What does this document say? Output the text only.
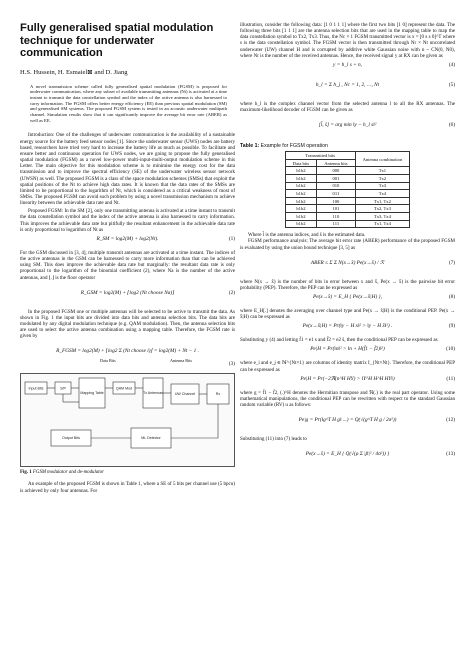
Fully generalised spatial modulation technique for underwater communication
H.S. Hussein, H. Esmaiel⊠ and D. Jiang

A novel transmission scheme called fully generalised spatial modulation (FGSM) is proposed for underwater communication, where any subset of available transmitting antennas (Nt) is activated at a time instant to transmit the data constellation symbol and the index of the active antenna is also harnessed to carry information. The FGSM offers better energy efficiency (EE) than previous spatial modulation (SM) and generalised SM systems. The proposed FGSM system is tested in an acoustic underwater multipath channel. Simulation results show that it can significantly improve the average bit error rate (ABER) as well as EE.

Introduction: One of the challenges of underwater communication is the availability of a sustainable energy source for the battery feed sensor nodes [1]. Since the underwater sensor (UWS) nodes are battery based, researchers have tried very hard to increase the battery life as much as possible. To facilitate and ensure better and continuous operation for UWS nodes, we are going to propose the fully generalised spatial modulation (FGSM) as a novel low-power multi-input-multi-output modulation scheme in this Letter. The main objective for this modulation scheme is to minimise the energy cost for the data transmission and to improve the spectral efficiency (SE) of the underwater wireless sensor network (UWSN) as well. The proposed FGSM is a class of the space modulation schemes (SMSs) that exploit the spatial positions of the Nt to achieve high data rates. It is known that the data rates of the SMSs are limited to be proportional to the logarithm of Nt, which is considered as a critical weakness of most of SMSs. The proposed FGSM can avoid such problem by using a novel transmission mechanism to achieve linearity between the achievable data rate and Nt.

Proposed FGSM: In the SM [2], only one transmitting antenna is activated at a time instant to transmit the data constellation symbol and the index of the active antenna is also harnessed to carry information. This improves the achievable data rate but pitifully the resultant enhancement in the achievable data rate is only proportional to logarithm of Nt as

R_SM = log2(M) + log2(Nt).	(1)

For the GSM discussed in [3, 4], multiple transmit antennas are activated at a time instant. The indices of the active antennas in the GSM can be harnessed to carry more information than that can be achieved using SM. This does improve the achievable data rate but marginally: the resultant data rate is only proportional to the logarithm of the binomial coefficient (2), where Na is the number of the active antennas, and ⌊.⌋ is the floor operator

R_GSM = log2(M) + ⌊log2 (Nt choose Na)⌋	(2)

In the proposed FGSM one or multiple antennas will be selected to be active to transmit the data. As shown in Fig. 1 the input bits are divided into data bits and antenna selection bits. The data bits are modulated by any digital modulation technique (e.g. QAM modulation). Then, the antenna selection bits are used to select the active antenna combination using a mapping table. Therefore, the FGSM rate is given by

R_FGSM = log2(M) + ⌊log2 Σ (Nt choose i)⌋ = log2(M) + Nt − 1 .
(3)
Data Bits	Antenna Bits
Input Bits	S/P
Mapping Table
QAM Mod
Tx Antennas	UW Channel	Rx
ML Detector
Output Bits
Fig. 1 FGSM modulator and de-modulator

An example of the proposed FGSM is shown in Table 1, where a SE of 5 bits per channel use (5 bpcu) is achieved by only four antennas. For

illustration, consider the following data: [1 0 1 1 1] where the first two bits [1 0] represent the data. The following three bits [1 1 1] are the antenna selection bits that are used in the mapping table to map the data constellation symbol to Tx2, Tx3. Thus, the Nc × 1 FGSM transmitted vector is x = [0 s s 0]^T where s is the data constellation symbol. The FGSM vector is then transmitted through Nr × Nt uncorrelated underwater (UW) channel H and is corrupted by additive white Gaussian noise with n ~ CN(0, N0), where Nr is the number of the received antennas. Hence, the received signal y at RX can be given as

y = h_l s + n,	(4)
h_l = Σ h_j , Nc = 1, 2, …, Nt	(5)

where h_l is the complex channel vector from the selected antenna l to all the RX antennas. The maximum-likelihood decoder of FGSM can be given as

[l̂, ŝ] = arg min ‖y − h_l s‖²	(6)
Table 1: Example for FGSM operation
Transmitted bits		Antenna combination
Data bits	Antenna bits	
b1b2	000	Tx1
b1b2	001	Tx2
b1b2	010	Tx3
b1b2	011	Tx4
b1b2	100	Tx1, Tx2
b1b2	101	Tx2, Tx3
b1b2	110	Tx3, Tx4
b1b2	111	Tx1, Tx4

Where l̂ is the antenna indices, and ŝ is the estimated data.

FGSM performance analysis: The average bit error rate (ABER) performance of the proposed FGSM is evaluated by using the union bound technique [3, 5] as

ABER ≤ Σ Σ N(x→x̂) Pe(x→x̂) / ℛ	(7)

where N(x → x̂) is the number of bits in error between x and x̂, Pe(x → x̂) is the pairwise bit error probability (PEP). Therefore, the PEP can be expressed as

Pe(x→x̂) = E_H { Pe(x→x̂|H) },	(8)

where E_H[.] denotes the averaging over channel type and Pe(x → x̂|H) is the conditional PEP. Pe(x → x̂|H) can be expressed as

Pe(x→x̂|H) = Pr(‖y − H x‖² > ‖y − H x̂‖²) .	(9)

Substituting y (4) and letting f̄1 = e1 s and f̄2 = e2 ŝ, then the conditional PEP can be expressed as

Pe|H = Pr(‖n‖² > ‖n + H(f̄1 − f̄2)‖²)	(10)

where e_i and e_j ∈ ℕ^{Nt×1} are columns of identity matrix I_{Nt×Nt}. Therefore, the conditional PEP can be expressed as

Pe|H = Pr(−2ℜ(n^H HΥ) > ‖Υ^H H^H HΥ‖)	(11)

where g = f̄1 − f̄2, (.)^H denotes the Hermitian transpose and ℜ(.) is the real part operator. Using some mathematical manipulations, the conditional PEP can be rewritten with respect to the standard Gaussian random variable (RV) u as follows:

Pe|g = Pr(‖g^T H g‖ ...) = Q(√(g^T H g / 2σ²))	(12)

Substituting (11) into (7) leads to

Pe(x→x̂) = E_H { Q(√(ρ Σ |β|² / 4σ²)) }	(13)
